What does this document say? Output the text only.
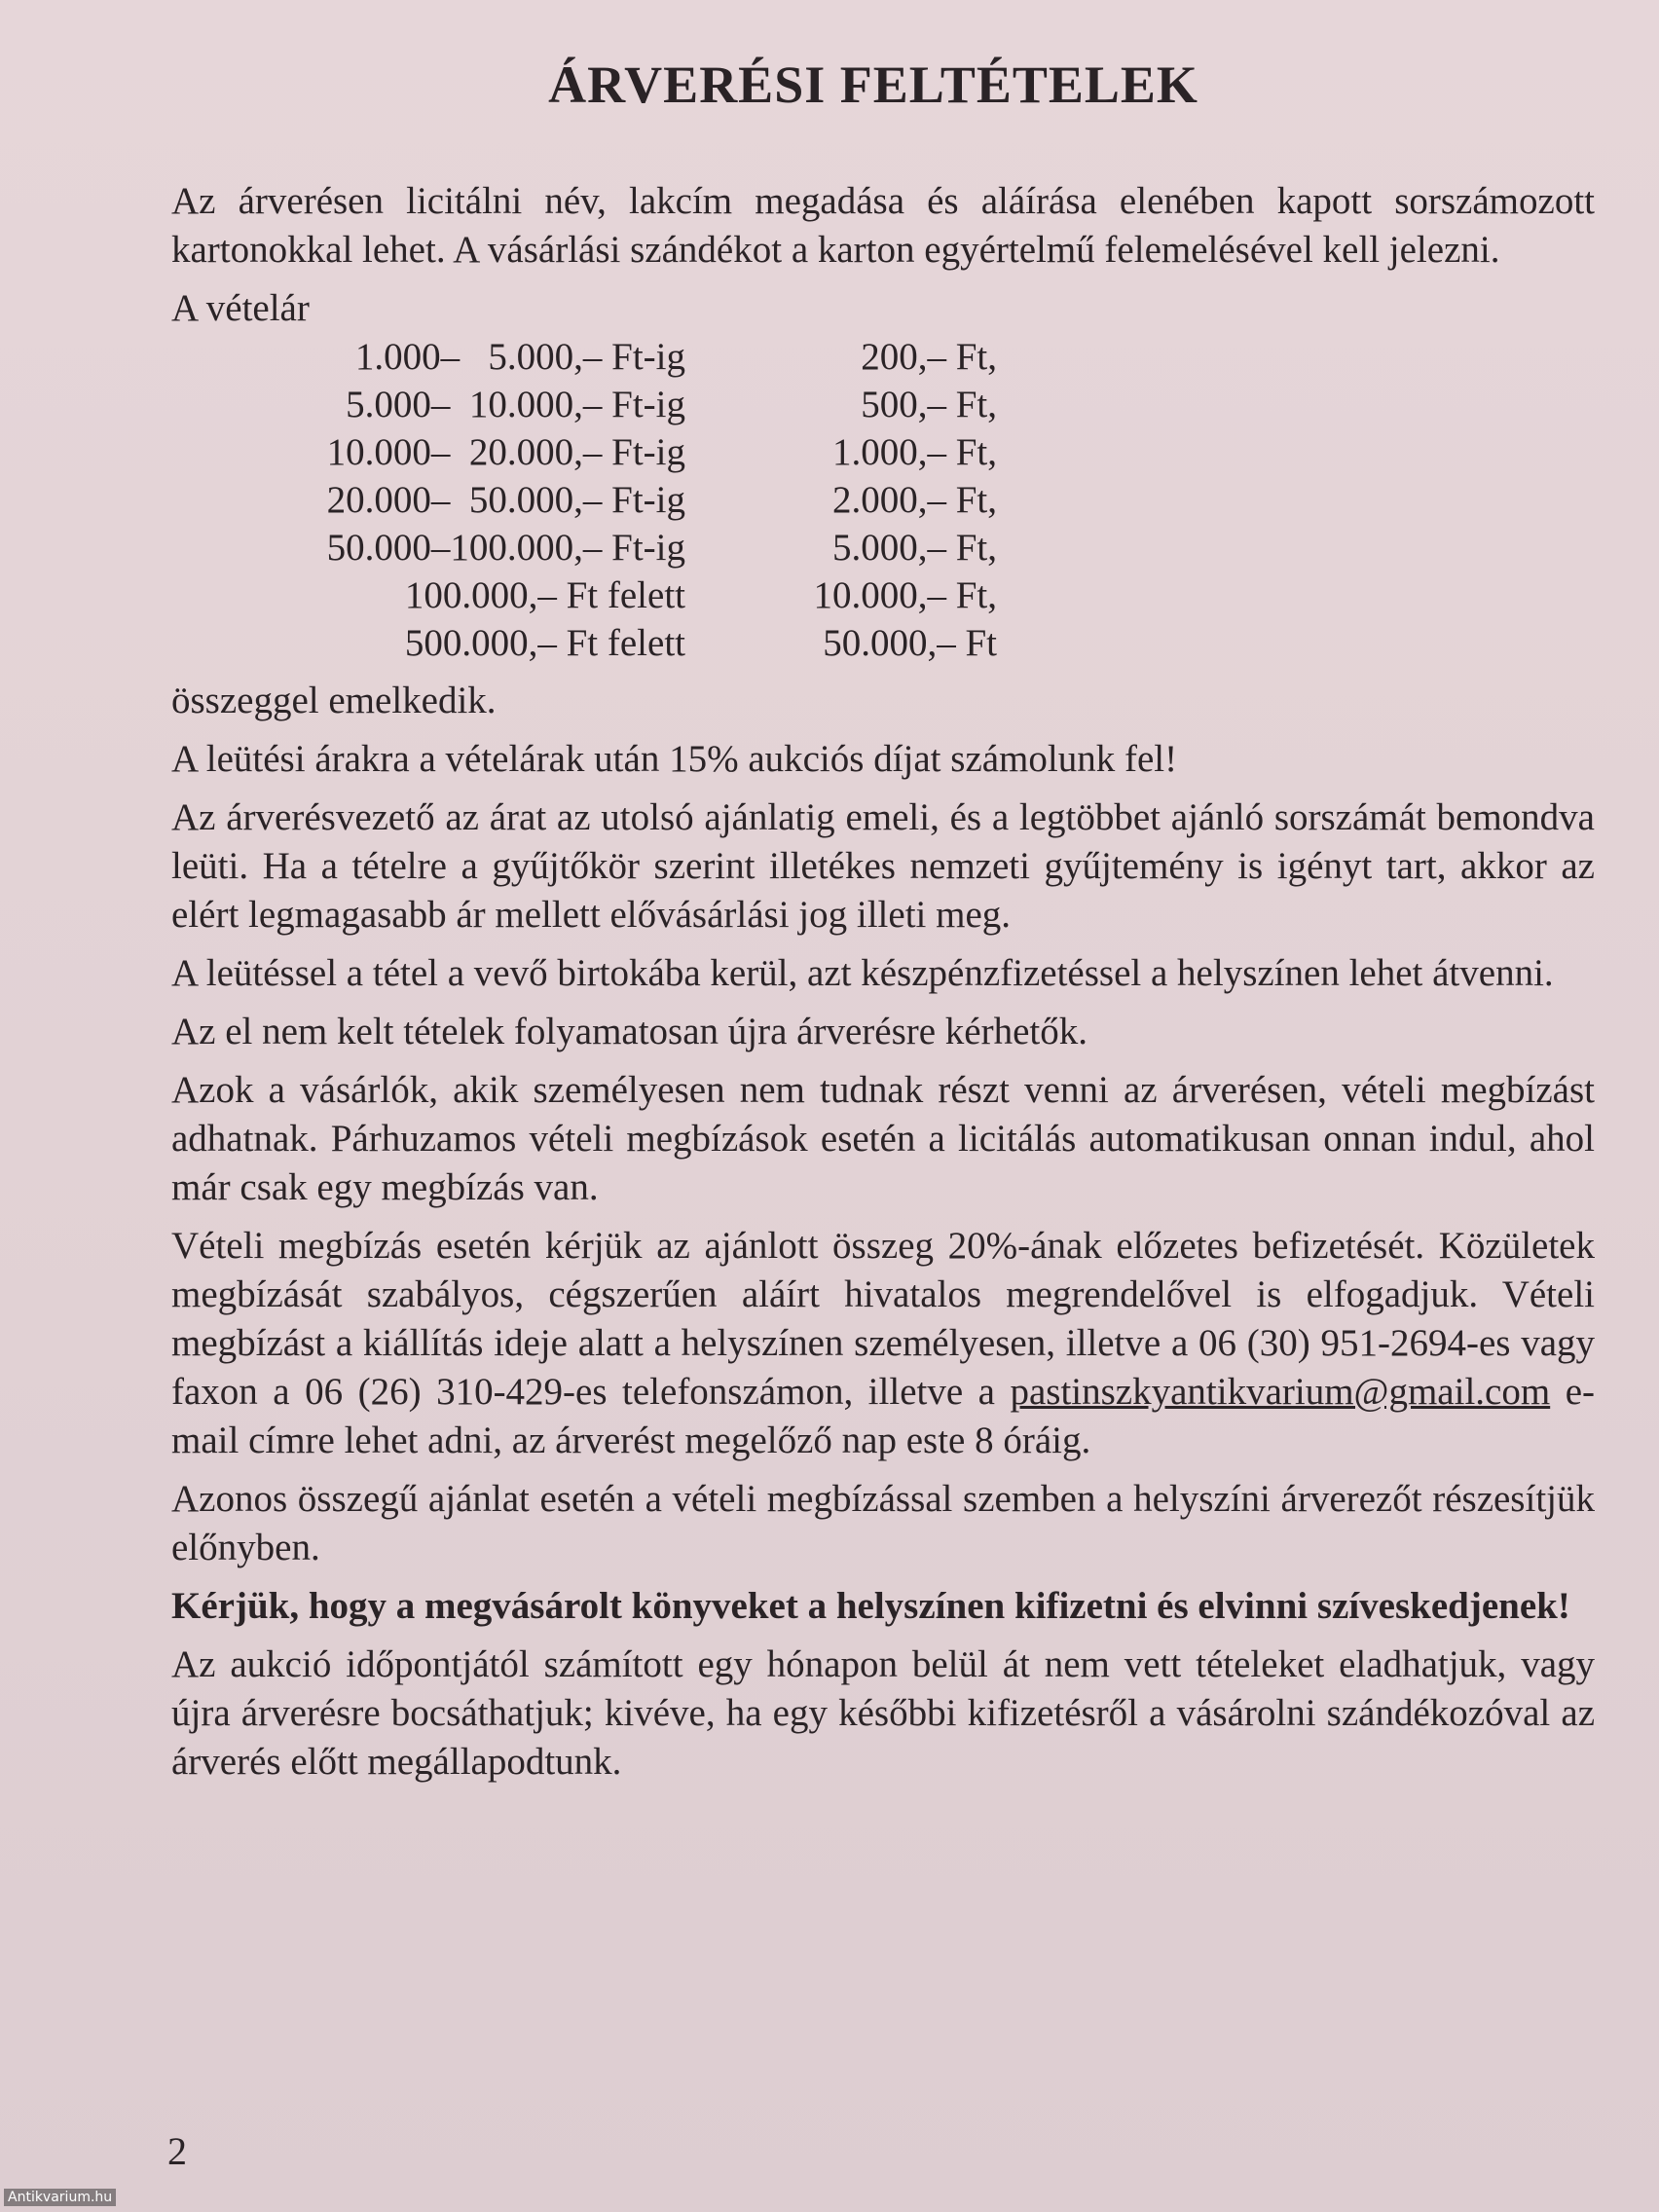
ÁRVERÉSI FELTÉTELEK

Az árverésen licitálni név, lakcím megadása és aláírása elenében kapott sorszámozott kartonokkal lehet. A vásárlási szándékot a karton egyértelmű felemelésével kell jelezni.

A vételár

1.000–   5.000,– Ft-ig	200,– Ft,
5.000–  10.000,– Ft-ig	500,– Ft,
10.000–  20.000,– Ft-ig	1.000,– Ft,
20.000–  50.000,– Ft-ig	2.000,– Ft,
50.000–100.000,– Ft-ig	5.000,– Ft,
100.000,– Ft felett	10.000,– Ft,
500.000,– Ft felett	50.000,– Ft

összeggel emelkedik.

A leütési árakra a vételárak után 15% aukciós díjat számolunk fel!

Az árverésvezető az árat az utolsó ajánlatig emeli, és a legtöbbet ajánló sorszámát bemondva leüti. Ha a tételre a gyűjtőkör szerint illetékes nemzeti gyűjtemény is igényt tart, akkor az elért legmagasabb ár mellett elővásárlási jog illeti meg.

A leütéssel a tétel a vevő birtokába kerül, azt készpénzfizetéssel a helyszínen lehet átvenni.

Az el nem kelt tételek folyamatosan újra árverésre kérhetők.

Azok a vásárlók, akik személyesen nem tudnak részt venni az árverésen, vételi megbízást adhatnak. Párhuzamos vételi megbízások esetén a licitálás automatikusan onnan indul, ahol már csak egy megbízás van.

Vételi megbízás esetén kérjük az ajánlott összeg 20%-ának előzetes befizetését. Közületek megbízását szabályos, cégszerűen aláírt hivatalos megrendelővel is elfogadjuk. Vételi megbízást a kiállítás ideje alatt a helyszínen személyesen, illetve a 06 (30) 951-2694-es vagy faxon a 06 (26) 310-429-es telefonszámon, illetve a pastinszkyantikvarium@gmail.com e-mail címre lehet adni, az árverést megelőző nap este 8 óráig.

Azonos összegű ajánlat esetén a vételi megbízással szemben a helyszíni árverezőt részesítjük előnyben.

Kérjük, hogy a megvásárolt könyveket a helyszínen kifizetni és elvinni szíveskedjenek!

Az aukció időpontjától számított egy hónapon belül át nem vett tételeket eladhatjuk, vagy újra árverésre bocsáthatjuk; kivéve, ha egy későbbi kifizetésről a vásárolni szándékozóval az árverés előtt megállapodtunk.

2
Antikvarium.hu
